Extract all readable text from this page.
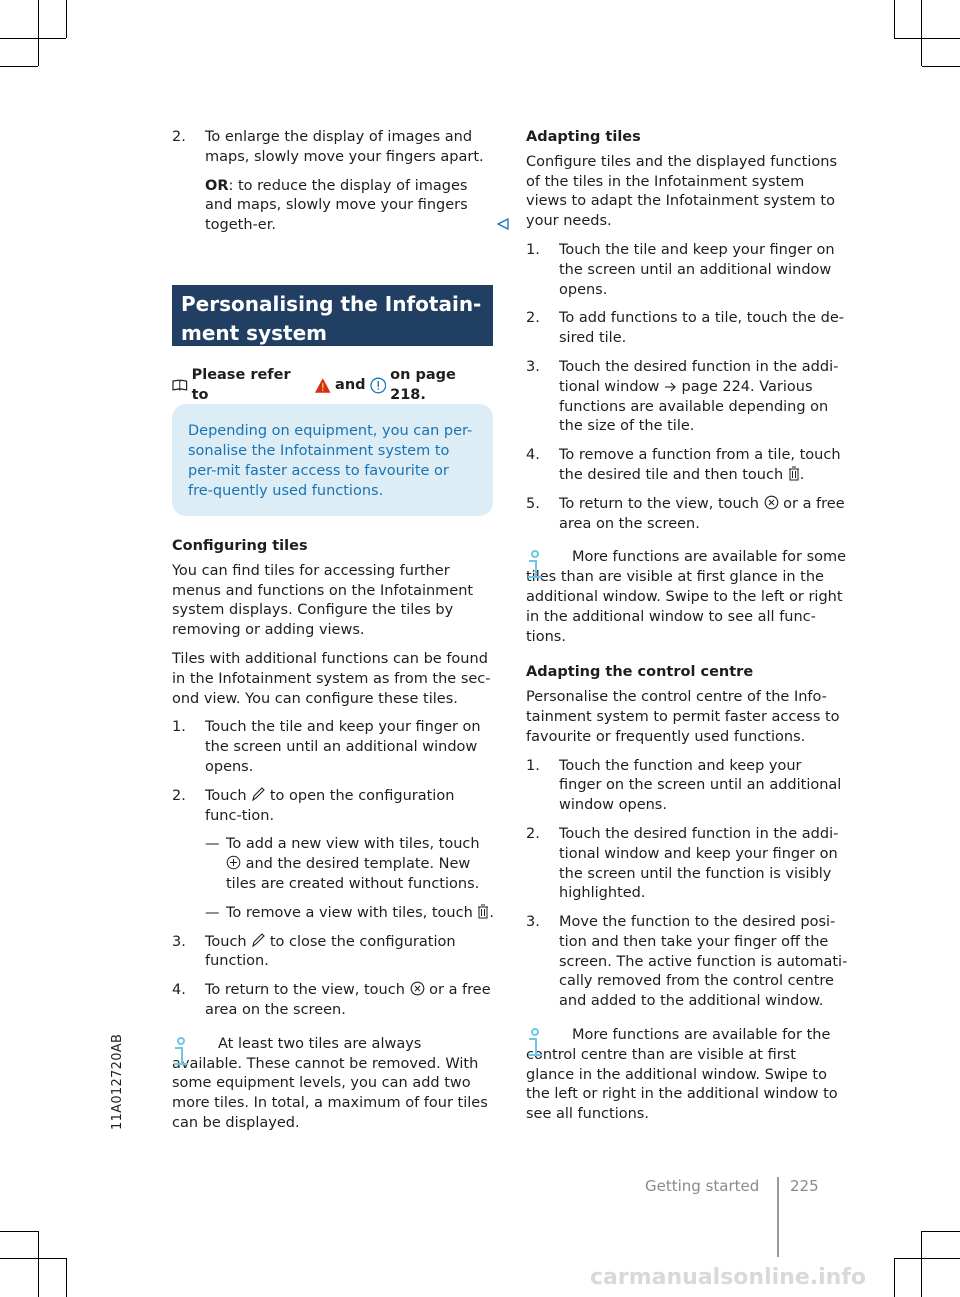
2. To enlarge the display of images and maps, slowly move your fingers apart.
OR: to reduce the display of images and maps, slowly move your fingers togeth-er.
Personalising the Infotain-
ment system
Please refer to
and
on page 218.
Depending on equipment, you can per-sonalise the Infotainment system to per-mit faster access to favourite or fre-quently used functions.
Configuring tiles

You can find tiles for accessing further menus and functions on the Infotainment system displays. Configure the tiles by removing or adding views.

Tiles with additional functions can be found in the Infotainment system as from the sec-ond view. You can configure these tiles.

1. Touch the tile and keep your finger on the screen until an additional window opens.
2. Touch to open the configuration func-tion.
— To add a new view with tiles, touch  and the desired template. New tiles are created without functions.
— To remove a view with tiles, touch .
3. Touch to close the configuration function.
4. To return to the view, touch or a free area on the screen.
At least two tiles are always available. These cannot be removed. With some equipment levels, you can add two more tiles. In total, a maximum of four tiles can be displayed.
Adapting tiles

Configure tiles and the displayed functions of the tiles in the Infotainment system views to adapt the Infotainment system to your needs.

1. Touch the tile and keep your finger on the screen until an additional window opens.
2. To add functions to a tile, touch the de-sired tile.
3. Touch the desired function in the addi-tional window page 224. Various functions are available depending on the size of the tile.
4. To remove a function from a tile, touch the desired tile and then touch .
5. To return to the view, touch or a free area on the screen.
More functions are available for some tiles than are visible at first glance in the additional window. Swipe to the left or right in the additional window to see all func-tions.
Adapting the control centre

Personalise the control centre of the Info-tainment system to permit faster access to favourite or frequently used functions.

1. Touch the function and keep your finger on the screen until an additional window opens.
2. Touch the desired function in the addi-tional window and keep your finger on the screen until the function is visibly highlighted.
3. Move the function to the desired posi-tion and then take your finger off the screen. The active function is automati-cally removed from the control centre and added to the additional window.
More functions are available for the control centre than are visible at first glance in the additional window. Swipe to the left or right in the additional window to see all functions.
11A012720AB
Getting started 225
carmanualsonline.info
